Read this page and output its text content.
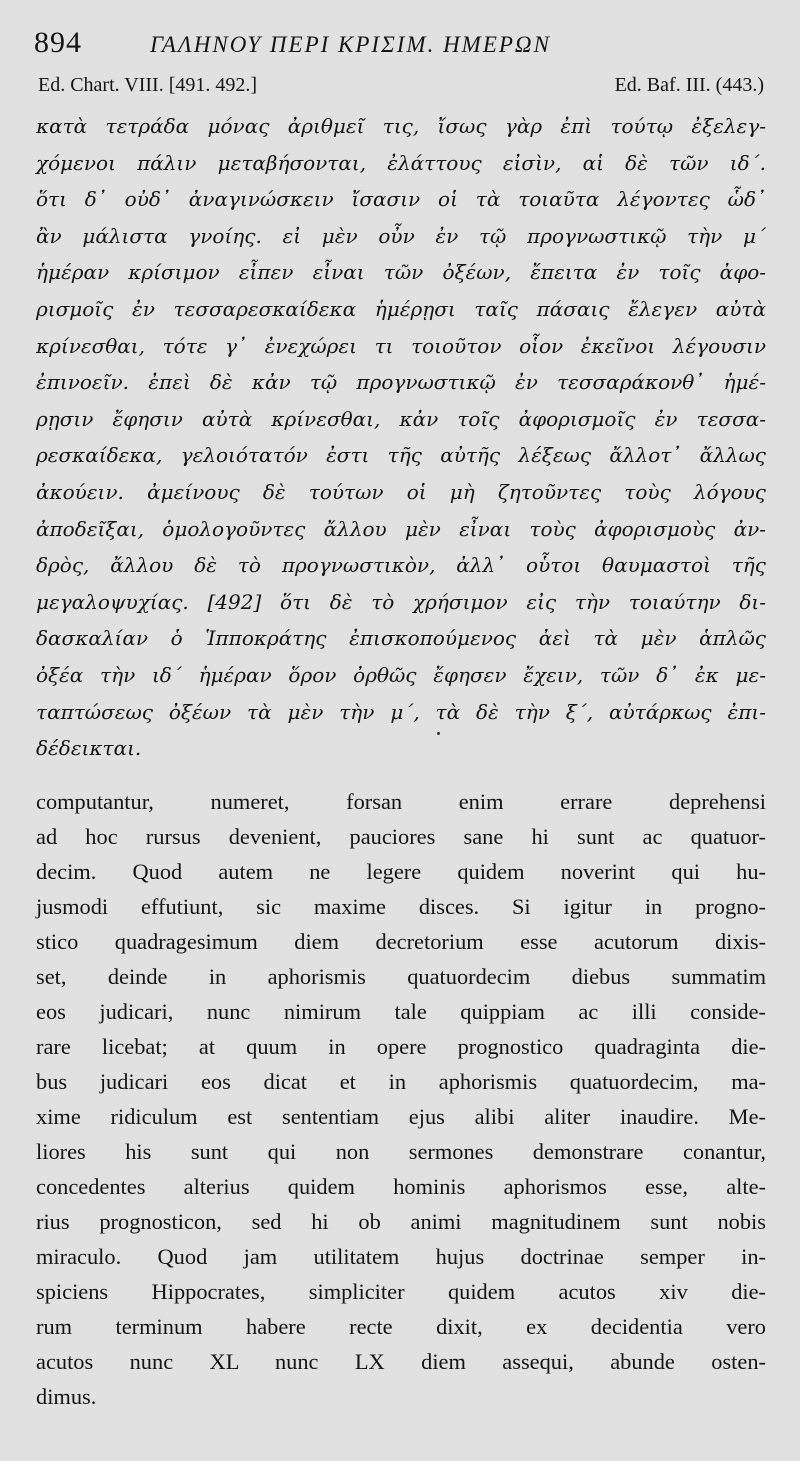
894	ΓΑΛΗΝΟΥ ΠΕΡΙ ΚΡΙΣΙΜ. ΗΜΕΡΩΝ
Ed. Chart. VIII. [491. 492.]	Ed. Baf. III. (443.)
κατὰ τετράδα μόνας ἀριθμεῖ τις, ἴσως γὰρ ἐπὶ τούτῳ ἐξελεγ-
χόμενοι πάλιν μεταβήσονται, ἐλάττους εἰσὶν, αἱ δὲ τῶν ιδ΄.
ὅτι δ᾽ οὐδ᾽ ἀναγινώσκειν ἴσασιν οἱ τὰ τοιαῦτα λέγοντες ὧδ᾽
ἂν μάλιστα γνοίης. εἰ μὲν οὖν ἐν τῷ προγνωστικῷ τὴν μ΄
ἡμέραν κρίσιμον εἶπεν εἶναι τῶν ὀξέων, ἔπειτα ἐν τοῖς ἀφο-
ρισμοῖς ἐν τεσσαρεσκαίδεκα ἡμέρῃσι ταῖς πάσαις ἔλεγεν αὐτὰ
κρίνεσθαι, τότε γ᾽ ἐνεχώρει τι τοιοῦτον οἷον ἐκεῖνοι λέγουσιν
ἐπινοεῖν. ἐπεὶ δὲ κἀν τῷ προγνωστικῷ ἐν τεσσαράκονθ᾽ ἡμέ-
ρῃσιν ἔφησιν αὐτὰ κρίνεσθαι, κἀν τοῖς ἀφορισμοῖς ἐν τεσσα-
ρεσκαίδεκα, γελοιότατόν ἐστι τῆς αὐτῆς λέξεως ἄλλοτ᾽ ἄλλως
ἀκούειν. ἀμείνους δὲ τούτων οἱ μὴ ζητοῦντες τοὺς λόγους
ἀποδεῖξαι, ὁμολογοῦντες ἄλλου μὲν εἶναι τοὺς ἀφορισμοὺς ἀν-
δρὸς, ἄλλου δὲ τὸ προγνωστικὸν, ἀλλ᾽ οὗτοι θαυμαστοὶ τῆς
μεγαλοψυχίας. [492] ὅτι δὲ τὸ χρήσιμον εἰς τὴν τοιαύτην δι-
δασκαλίαν ὁ Ἱπποκράτης ἐπισκοπούμενος ἀεὶ τὰ μὲν ἁπλῶς
ὀξέα τὴν ιδ΄ ἡμέραν ὅρον ὀρθῶς ἔφησεν ἔχειν, τῶν δ᾽ ἐκ με-
ταπτώσεως ὀξέων τὰ μὲν τὴν μ΄, τὰ δὲ τὴν ξ΄, αὐτάρκως ἐπι-
δέδεικται.
computantur, numeret, forsan enim errare deprehensi
ad hoc rursus devenient, pauciores sane hi sunt ac quatuor-
decim. Quod autem ne legere quidem noverint qui hu-
jusmodi effutiunt, sic maxime disces. Si igitur in progno-
stico quadragesimum diem decretorium esse acutorum dixis-
set, deinde in aphorismis quatuordecim diebus summatim
eos judicari, nunc nimirum tale quippiam ac illi conside-
rare licebat; at quum in opere prognostico quadraginta die-
bus judicari eos dicat et in aphorismis quatuordecim, ma-
xime ridiculum est sententiam ejus alibi aliter inaudire. Me-
liores his sunt qui non sermones demonstrare conantur,
concedentes alterius quidem hominis aphorismos esse, alte-
rius prognosticon, sed hi ob animi magnitudinem sunt nobis
miraculo. Quod jam utilitatem hujus doctrinae semper in-
spiciens Hippocrates, simpliciter quidem acutos xiv die-
rum terminum habere recte dixit, ex decidentia vero
acutos nunc XL nunc LX diem assequi, abunde osten-
dimus.
